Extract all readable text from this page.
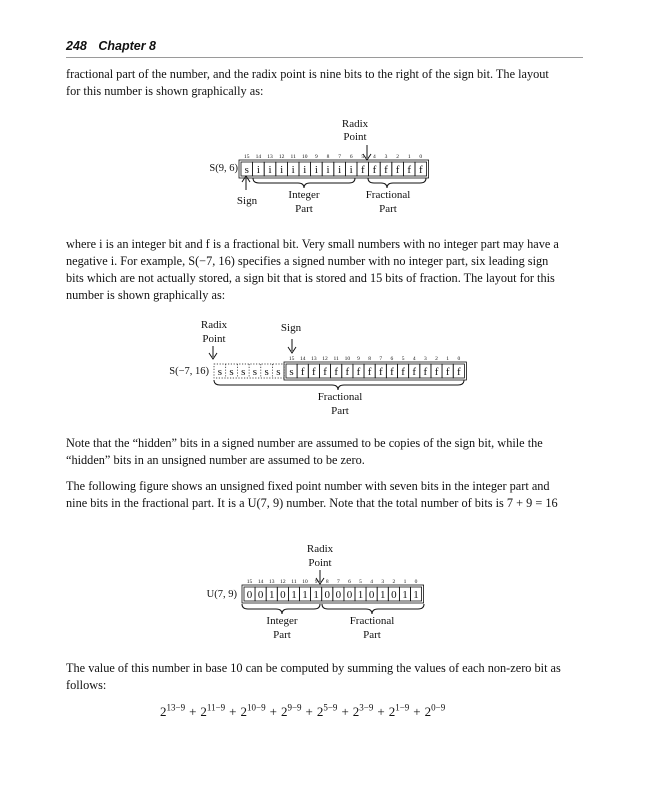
248 Chapter 8

fractional part of the number, and the radix point is nine bits to the right of the sign bit. The layout for this number is shown graphically as:

Radix
Point
S(9, 6)
15 14 13 12 11 10 9 8 7 6 5 4 3 2 1 0
s i i i i i i i i i f f f f f f
Sign	Integer
Part
Fractional
Part
Radix
Point
Sign
S(−7, 16)
15 14 13 12 11 10 9 8 7 6 5 4 3 2 1 0
s s s s s s s f f f f f f f f f f f f f f f
Fractional
Part
Radix
Point
U(7, 9)
15 14 13 12 11 10 9 8 7 6 5 4 3 2 1 0
0 0 1 0 1 1 1 0 0 0 1 0 1 0 1 1
Integer
Part
Fractional
Part

where i is an integer bit and f is a fractional bit. Very small numbers with no integer part may have a negative i. For example, S(−7, 16) specifies a signed number with no integer part, six leading sign bits which are not actually stored, a sign bit that is stored and 15 bits of fraction. The layout for this number is shown graphically as:

Note that the “hidden” bits in a signed number are assumed to be copies of the sign bit, while the “hidden” bits in an unsigned number are assumed to be zero.

The following figure shows an unsigned fixed point number with seven bits in the integer part and nine bits in the fractional part. It is a U(7, 9) number. Note that the total number of bits is 7 + 9 = 16

The value of this number in base 10 can be computed by summing the values of each non-zero bit as follows:

$2^{13-9} + 2^{11-9} + 2^{10-9} + 2^{9-9} + 2^{5-9} + 2^{3-9} + 2^{1-9} + 2^{0-9}$
